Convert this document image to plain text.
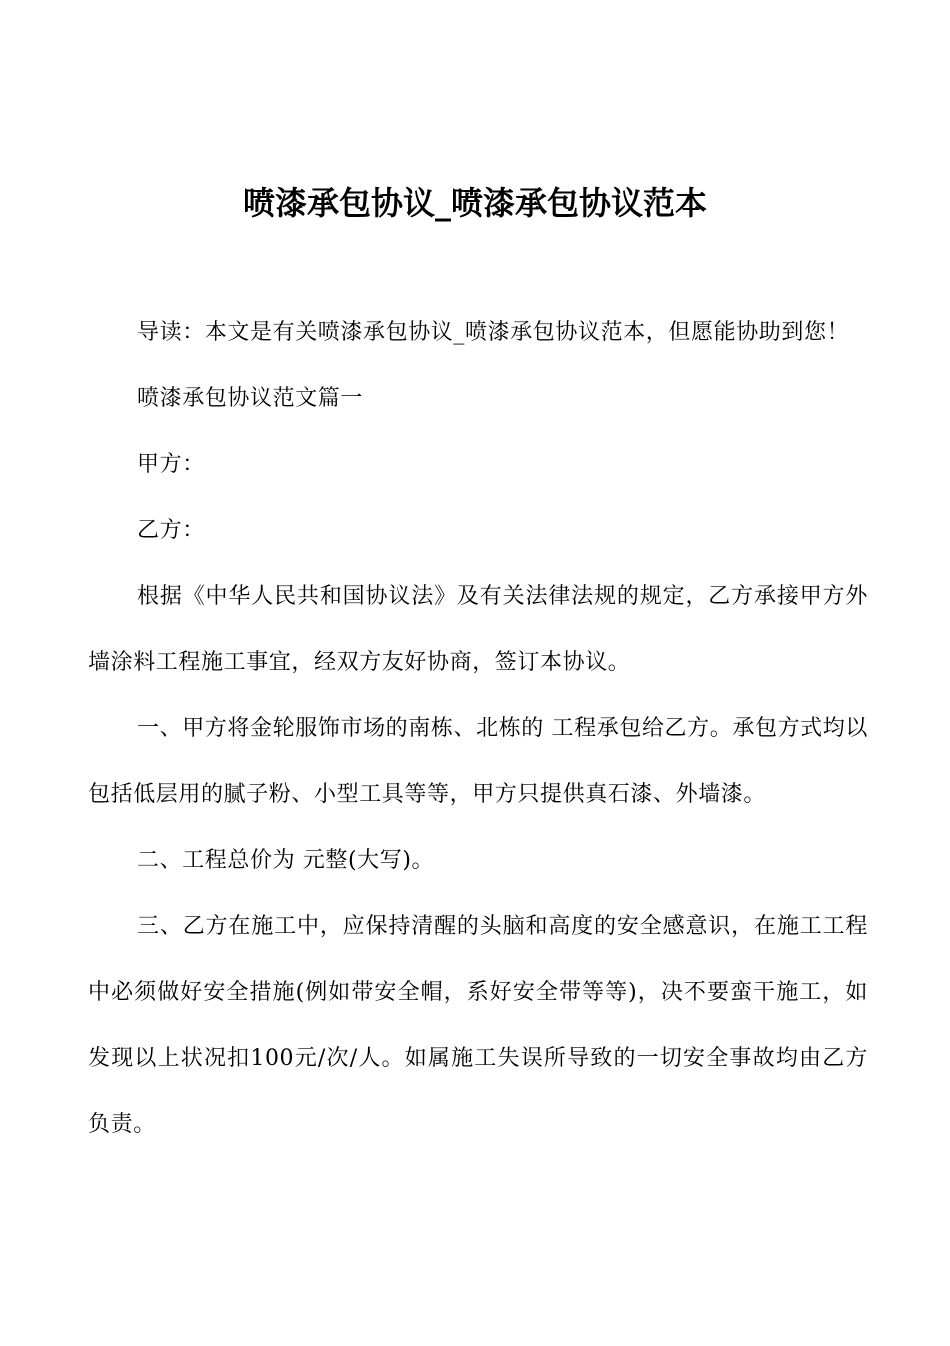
喷漆承包协议_喷漆承包协议范本

导读：本文是有关喷漆承包协议_喷漆承包协议范本，但愿能协助到您！

喷漆承包协议范文篇一

甲方：

乙方：

根据《中华人民共和国协议法》及有关法律法规的规定，乙方承接甲方外墙涂料工程施工事宜，经双方友好协商，签订本协议。

一、甲方将金轮服饰市场的南栋、北栋的 工程承包给乙方。承包方式均以包括低层用的腻子粉、小型工具等等，甲方只提供真石漆、外墙漆。

二、工程总价为 元整(大写)。

三、乙方在施工中，应保持清醒的头脑和高度的安全感意识，在施工工程中必须做好安全措施(例如带安全帽，系好安全带等等)，决不要蛮干施工，如发现以上状况扣100元/次/人。如属施工失误所导致的一切安全事故均由乙方负责。
